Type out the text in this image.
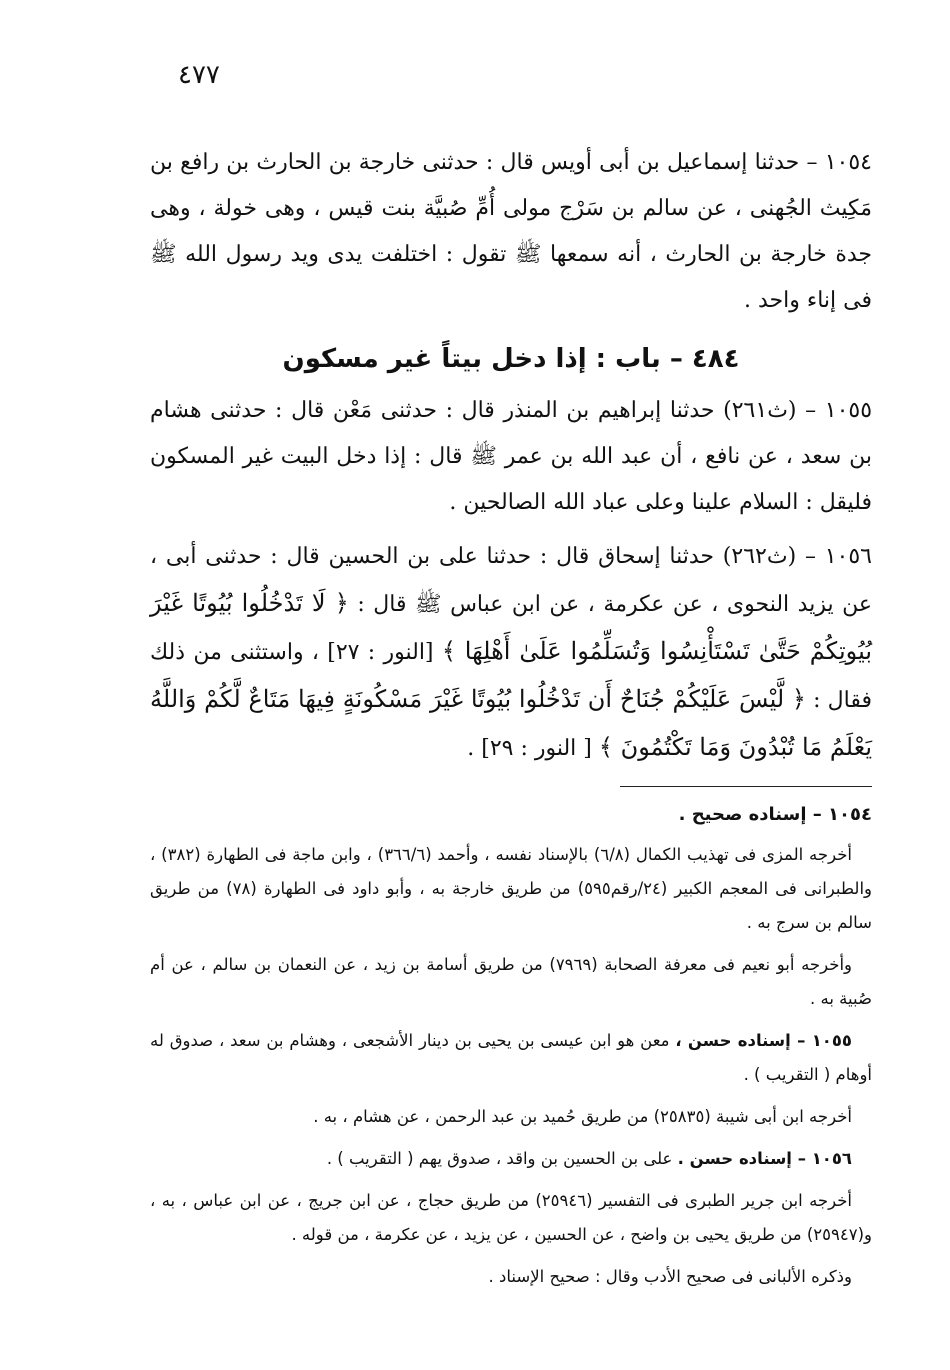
٤٧٧
١٠٥٤ – حدثنا إسماعيل بن أبى أويس قال : حدثنى خارجة بن الحارث بن رافع بن مَكِيث الجُهنى ، عن سالم بن سَرْج مولى أُمِّ صُبيَّة بنت قيس ، وهى خولة ، وهى جدة خارجة بن الحارث ، أنه سمعها ﷺ تقول : اختلفت يدى ويد رسول الله ﷺ فى إناء واحد .
٤٨٤ – باب : إذا دخل بيتاً غير مسكون
١٠٥٥ – (ث٢٦١) حدثنا إبراهيم بن المنذر قال : حدثنى مَعْن قال : حدثنى هشام بن سعد ، عن نافع ، أن عبد الله بن عمر ﷺ قال : إذا دخل البيت غير المسكون فليقل : السلام علينا وعلى عباد الله الصالحين .
١٠٥٦ – (ث٢٦٢) حدثنا إسحاق قال : حدثنا على بن الحسين قال : حدثنى أبى ، عن يزيد النحوى ، عن عكرمة ، عن ابن عباس ﷺ قال : ﴿ لَا تَدْخُلُوا بُيُوتًا غَيْرَ بُيُوتِكُمْ حَتَّىٰ تَسْتَأْنِسُوا وَتُسَلِّمُوا عَلَىٰ أَهْلِهَا ﴾ [النور : ٢٧] ، واستثنى من ذلك فقال : ﴿ لَّيْسَ عَلَيْكُمْ جُنَاحٌ أَن تَدْخُلُوا بُيُوتًا غَيْرَ مَسْكُونَةٍ فِيهَا مَتَاعٌ لَّكُمْ وَاللَّهُ يَعْلَمُ مَا تُبْدُونَ وَمَا تَكْتُمُونَ ﴾ [ النور : ٢٩] .
١٠٥٤ – إسناده صحيح .

أخرجه المزى فى تهذيب الكمال (٦/٨) بالإسناد نفسه ، وأحمد (٣٦٦/٦) ، وابن ماجة فى الطهارة (٣٨٢) ، والطبرانى فى المعجم الكبير (٢٤/رقم٥٩٥) من طريق خارجة به ، وأبو داود فى الطهارة (٧٨) من طريق سالم بن سرج به .

وأخرجه أبو نعيم فى معرفة الصحابة (٧٩٦٩) من طريق أسامة بن زيد ، عن النعمان بن سالم ، عن أم صُبية به .

١٠٥٥ – إسناده حسن ، معن هو ابن عيسى بن يحيى بن دينار الأشجعى ، وهشام بن سعد ، صدوق له أوهام ( التقريب ) .

أخرجه ابن أبى شيبة (٢٥٨٣٥) من طريق حُميد بن عبد الرحمن ، عن هشام ، به .

١٠٥٦ – إسناده حسن . على بن الحسين بن واقد ، صدوق يهم ( التقريب ) .

أخرجه ابن جرير الطبرى فى التفسير (٢٥٩٤٦) من طريق حجاج ، عن ابن جريج ، عن ابن عباس ، به ، و(٢٥٩٤٧) من طريق يحيى بن واضح ، عن الحسين ، عن يزيد ، عن عكرمة ، من قوله .

وذكره الألبانى فى صحيح الأدب وقال : صحيح الإسناد .
